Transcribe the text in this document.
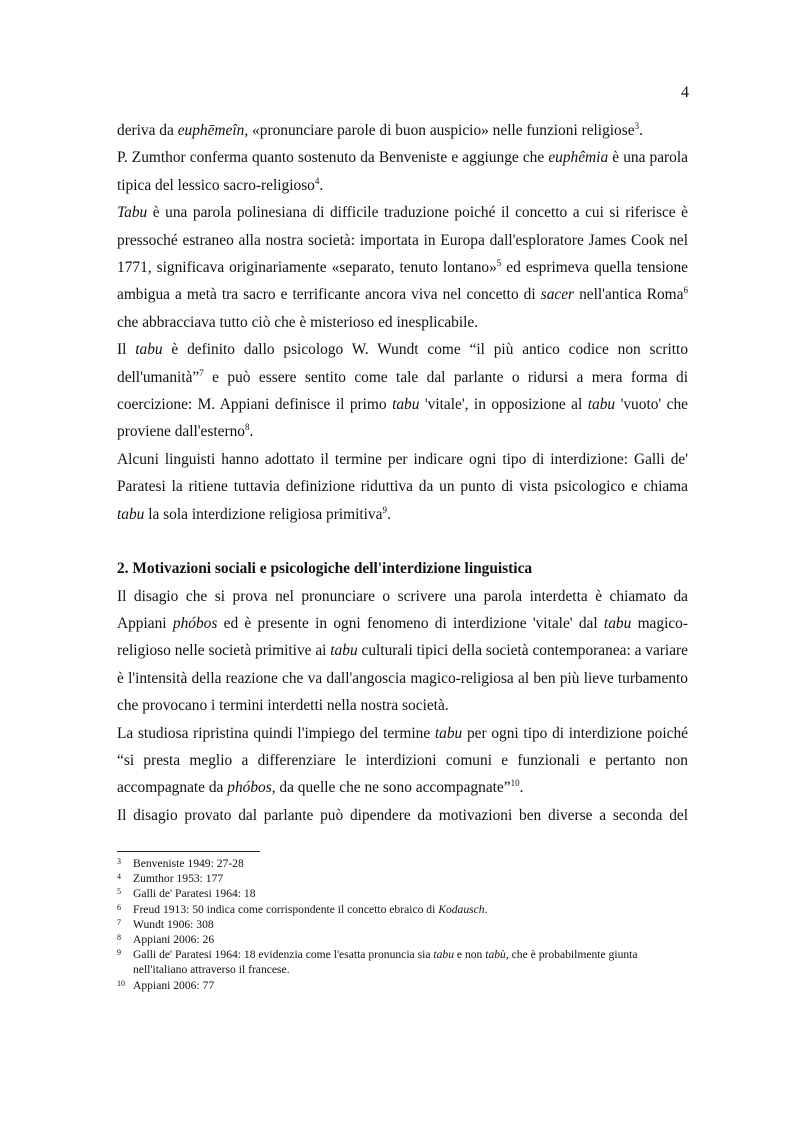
4

deriva da euphēmeîn, «pronunciare parole di buon auspicio» nelle funzioni religiose$^3$.

P. Zumthor conferma quanto sostenuto da Benveniste e aggiunge che euphêmia è una parola tipica del lessico sacro-religioso$^4$.

Tabu è una parola polinesiana di difficile traduzione poiché il concetto a cui si riferisce è pressoché estraneo alla nostra società: importata in Europa dall'esploratore James Cook nel 1771, significava originariamente «separato, tenuto lontano»$^5$ ed esprimeva quella tensione ambigua a metà tra sacro e terrificante ancora viva nel concetto di sacer nell'antica Roma$^6$ che abbracciava tutto ciò che è misterioso ed inesplicabile.

Il tabu è definito dallo psicologo W. Wundt come “il più antico codice non scritto dell'umanità”$^7$ e può essere sentito come tale dal parlante o ridursi a mera forma di coercizione: M. Appiani definisce il primo tabu 'vitale', in opposizione al tabu 'vuoto' che proviene dall'esterno$^8$.

Alcuni linguisti hanno adottato il termine per indicare ogni tipo di interdizione: Galli de' Paratesi la ritiene tuttavia definizione riduttiva da un punto di vista psicologico e chiama tabu la sola interdizione religiosa primitiva$^9$.

2. Motivazioni sociali e psicologiche dell'interdizione linguistica

Il disagio che si prova nel pronunciare o scrivere una parola interdetta è chiamato da Appiani phóbos ed è presente in ogni fenomeno di interdizione 'vitale' dal tabu magico-religioso nelle società primitive ai tabu culturali tipici della società contemporanea: a variare è l'intensità della reazione che va dall'angoscia magico-religiosa al ben più lieve turbamento che provocano i termini interdetti nella nostra società.

La studiosa ripristina quindi l'impiego del termine tabu per ogni tipo di interdizione poiché “si presta meglio a differenziare le interdizioni comuni e funzionali e pertanto non accompagnate da phóbos, da quelle che ne sono accompagnate”$^{10}$.

Il disagio provato dal parlante può dipendere da motivazioni ben diverse a seconda del

3	Benveniste 1949: 27-28
4	Zumthor 1953: 177
5	Galli de' Paratesi 1964: 18
6	Freud 1913: 50 indica come corrispondente il concetto ebraico di Kodausch.
7	Wundt 1906: 308
8	Appiani 2006: 26
9	Galli de' Paratesi 1964: 18 evidenzia come l'esatta pronuncia sia tabu e non tabù, che è probabilmente giunta nell'italiano attraverso il francese.
10 Appiani 2006: 77
